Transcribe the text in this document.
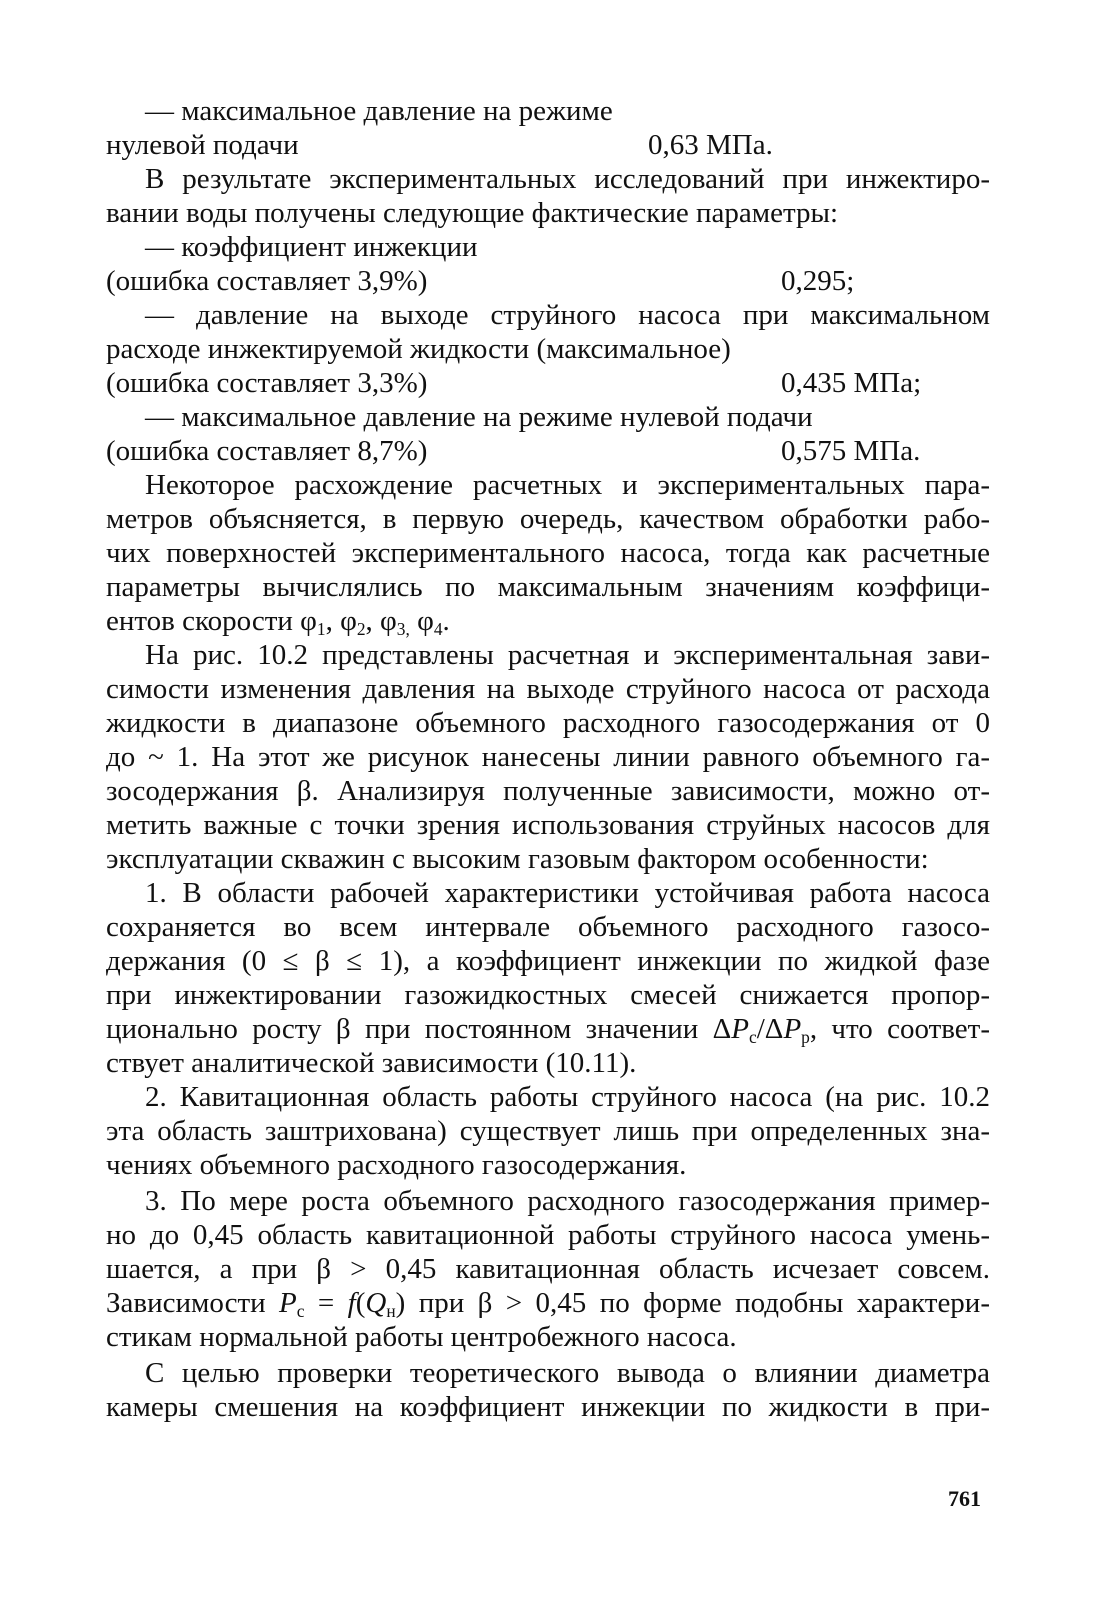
— максимальное давление на режиме
нулевой подачи	0,63 МПа.
В результате экспериментальных исследований при инжектиро-
вании воды получены следующие фактические параметры:
— коэффициент инжекции
(ошибка составляет 3,9%)	0,295;
— давление на выходе струйного насоса при максимальном
расходе инжектируемой жидкости (максимальное)
(ошибка составляет 3,3%)	0,435 МПа;
— максимальное давление на режиме нулевой подачи
(ошибка составляет 8,7%)	0,575 МПа.
Некоторое расхождение расчетных и экспериментальных пара-
метров объясняется, в первую очередь, качеством обработки рабо-
чих поверхностей экспериментального насоса, тогда как расчетные
параметры вычислялись по максимальным значениям коэффици-
ентов скорости $\varphi_1$, $\varphi_2$, $\varphi_{3,}$ $\varphi_4$.
На рис. 10.2 представлены расчетная и экспериментальная зави-
симости изменения давления на выходе струйного насоса от расхода
жидкости в диапазоне объемного расходного газосодержания от 0
до ~ 1. На этот же рисунок нанесены линии равного объемного га-
зосодержания β. Анализируя полученные зависимости, можно от-
метить важные с точки зрения использования струйных насосов для
эксплуатации скважин с высоким газовым фактором особенности:
1. В области рабочей характеристики устойчивая работа насоса
сохраняется во всем интервале объемного расходного газосо-
держания (0 ≤ β ≤ 1), а коэффициент инжекции по жидкой фазе
при инжектировании газожидкостных смесей снижается пропор-
ционально росту β при постоянном значении $\Delta P_c/\Delta P_p$, что соответ-
ствует аналитической зависимости (10.11).
2. Кавитационная область работы струйного насоса (на рис. 10.2
эта область заштрихована) существует лишь при определенных зна-
чениях объемного расходного газосодержания.
3. По мере роста объемного расходного газосодержания пример-
но до 0,45 область кавитационной работы струйного насоса умень-
шается, а при β > 0,45 кавитационная область исчезает совсем.
Зависимости $P_c = f(Q_н)$ при β > 0,45 по форме подобны характери-
стикам нормальной работы центробежного насоса.
С целью проверки теоретического вывода о влиянии диаметра
камеры смешения на коэффициент инжекции по жидкости в при-
761
